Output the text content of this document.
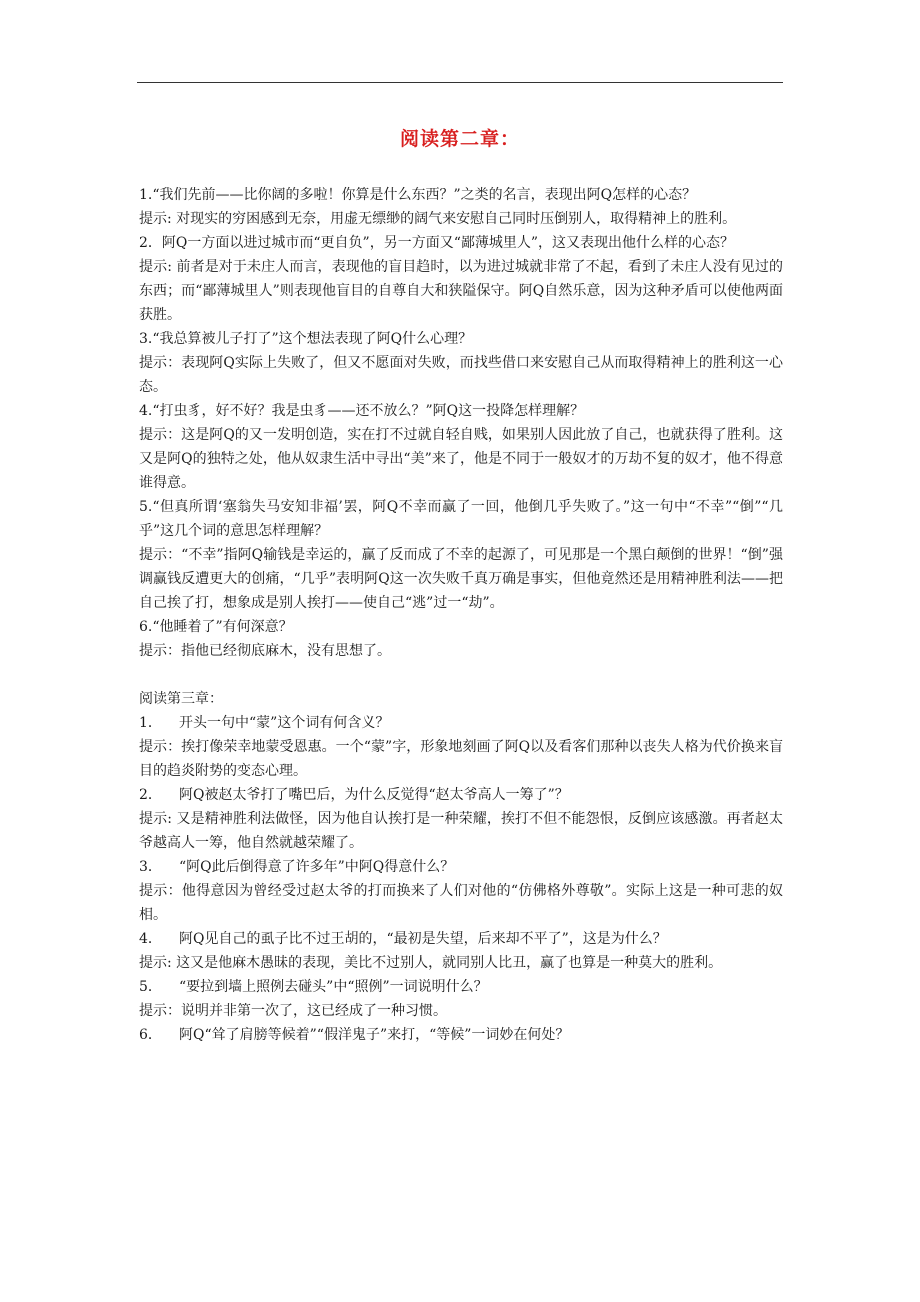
阅读第二章：

1.“我们先前——比你阔的多啦！你算是什么东西？”之类的名言，表现出阿Q怎样的心态？

提示: 对现实的穷困感到无奈，用虚无缥缈的阔气来安慰自己同时压倒别人，取得精神上的胜利。

2．阿Q一方面以进过城市而“更自负”，另一方面又“鄙薄城里人”，这又表现出他什么样的心态？

提示: 前者是对于未庄人而言，表现他的盲目趋时，以为进过城就非常了不起，看到了未庄人没有见过的东西；而“鄙薄城里人”则表现他盲目的自尊自大和狭隘保守。阿Q自然乐意，因为这种矛盾可以使他两面获胜。

3.“我总算被儿子打了”这个想法表现了阿Q什么心理？

提示：表现阿Q实际上失败了，但又不愿面对失败，而找些借口来安慰自己从而取得精神上的胜利这一心态。

4.“打虫豸，好不好？我是虫豸——还不放么？”阿Q这一投降怎样理解？

提示：这是阿Q的又一发明创造，实在打不过就自轻自贱，如果别人因此放了自己，也就获得了胜利。这又是阿Q的独特之处，他从奴隶生活中寻出“美”来了，他是不同于一般奴才的万劫不复的奴才，他不得意谁得意。

5.“但真所谓‘塞翁失马安知非福’罢，阿Q不幸而赢了一回，他倒几乎失败了。”这一句中“不幸”“倒”“几乎”这几个词的意思怎样理解？

提示：“不幸”指阿Q输钱是幸运的，赢了反而成了不幸的起源了，可见那是一个黑白颠倒的世界！“倒”强调赢钱反遭更大的创痛，“几乎”表明阿Q这一次失败千真万确是事实，但他竟然还是用精神胜利法——把自己挨了打，想象成是别人挨打——使自己“逃”过一“劫”。

6.“他睡着了”有何深意？

提示：指他已经彻底麻木，没有思想了。

阅读第三章：

1． 开头一句中“蒙”这个词有何含义？

提示：挨打像荣幸地蒙受恩惠。一个“蒙”字，形象地刻画了阿Q以及看客们那种以丧失人格为代价换来盲目的趋炎附势的变态心理。

2． 阿Q被赵太爷打了嘴巴后，为什么反觉得“赵太爷高人一筹了”？

提示: 又是精神胜利法做怪，因为他自认挨打是一种荣耀，挨打不但不能怨恨，反倒应该感激。再者赵太爷越高人一筹，他自然就越荣耀了。

3． “阿Q此后倒得意了许多年”中阿Q得意什么？

提示：他得意因为曾经受过赵太爷的打而换来了人们对他的“仿佛格外尊敬”。实际上这是一种可悲的奴相。

4． 阿Q见自己的虱子比不过王胡的，“最初是失望，后来却不平了”，这是为什么？

提示: 这又是他麻木愚昧的表现，美比不过别人，就同别人比丑，赢了也算是一种莫大的胜利。

5． “要拉到墙上照例去碰头”中“照例”一词说明什么？

提示：说明并非第一次了，这已经成了一种习惯。

6． 阿Q“耸了肩膀等候着”“假洋鬼子”来打，“等候”一词妙在何处？
